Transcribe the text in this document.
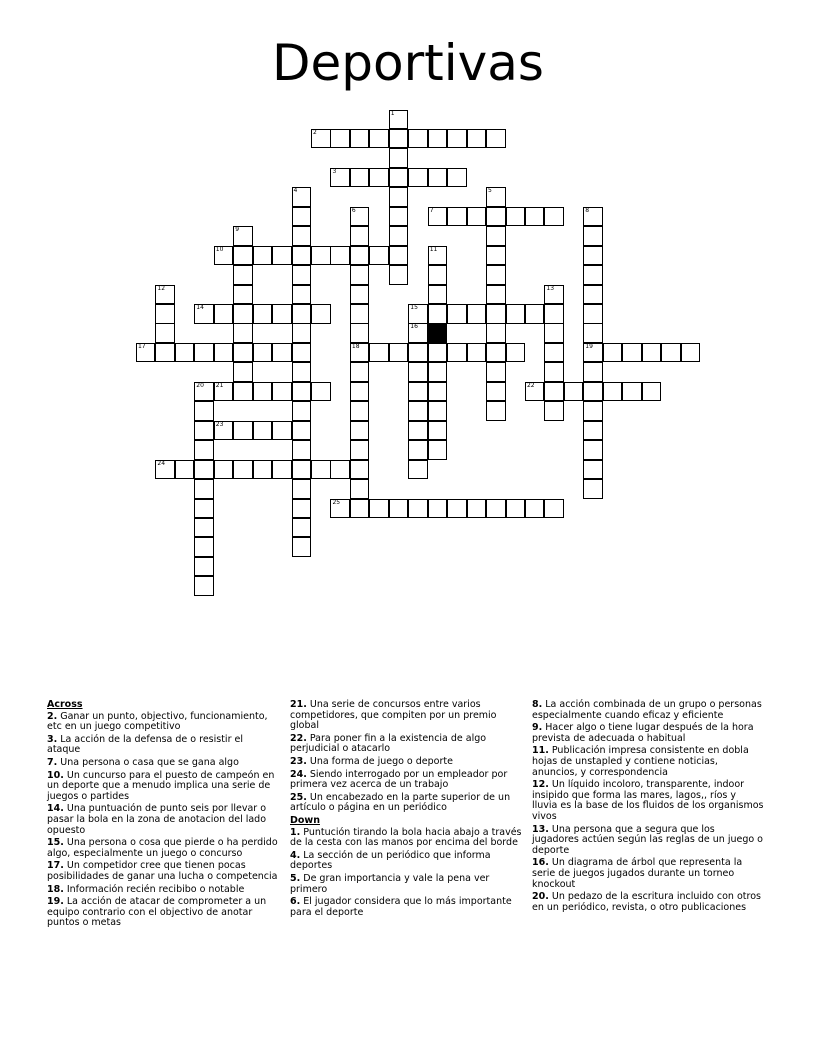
Deportivas
1
2
3
4	5
6
18
7	8
19
9
10	11
12	13
14	15
16
17
20 21	22
23
24
25
Across
2. Ganar un punto, objectivo, funcionamiento, etc en un juego competitivo
3. La acción de la defensa de o resistir el ataque
7. Una persona o casa que se gana algo
10. Un cuncurso para el puesto de campeón en un deporte que a menudo implica una serie de juegos o partides
14. Una puntuación de punto seis por llevar o pasar la bola en la zona de anotacion del lado opuesto
15. Una persona o cosa que pierde o ha perdido algo, especialmente un juego o concurso
17. Un competidor cree que tienen pocas posibilidades de ganar una lucha o competencia
18. Información recién recibibo o notable
19. La acción de atacar de comprometer a un equipo contrario con el objectivo de anotar puntos o metas
21. Una serie de concursos entre varios competidores, que compiten por un premio global
22. Para poner fin a la existencia de algo perjudicial o atacarlo
23. Una forma de juego o deporte
24. Siendo interrogado por un empleador por primera vez acerca de un trabajo
25. Un encabezado en la parte superior de un artículo o página en un periódico
Down
1. Puntución tirando la bola hacia abajo a través de la cesta con las manos por encima del borde
4. La sección de un periódico que informa deportes
5. De gran importancia y vale la pena ver primero
6. El jugador considera que lo más importante para el deporte
8. La acción combinada de un grupo o personas especialmente cuando eficaz y eficiente
9. Hacer algo o tiene lugar después de la hora prevista de adecuada o habitual
11. Publicación impresa consistente en dobla hojas de unstapled y contiene noticias, anuncios, y correspondencia
12. Un líquido incoloro, transparente, indoor insipido que forma las mares, lagos,, ríos y lluvia es la base de los fluidos de los organismos vivos
13. Una persona que a segura que los jugadores actúen según las reglas de un juego o deporte
16. Un diagrama de árbol que representa la serie de juegos jugados durante un torneo knockout
20. Un pedazo de la escritura incluido con otros en un periódico, revista, o otro publicaciones
